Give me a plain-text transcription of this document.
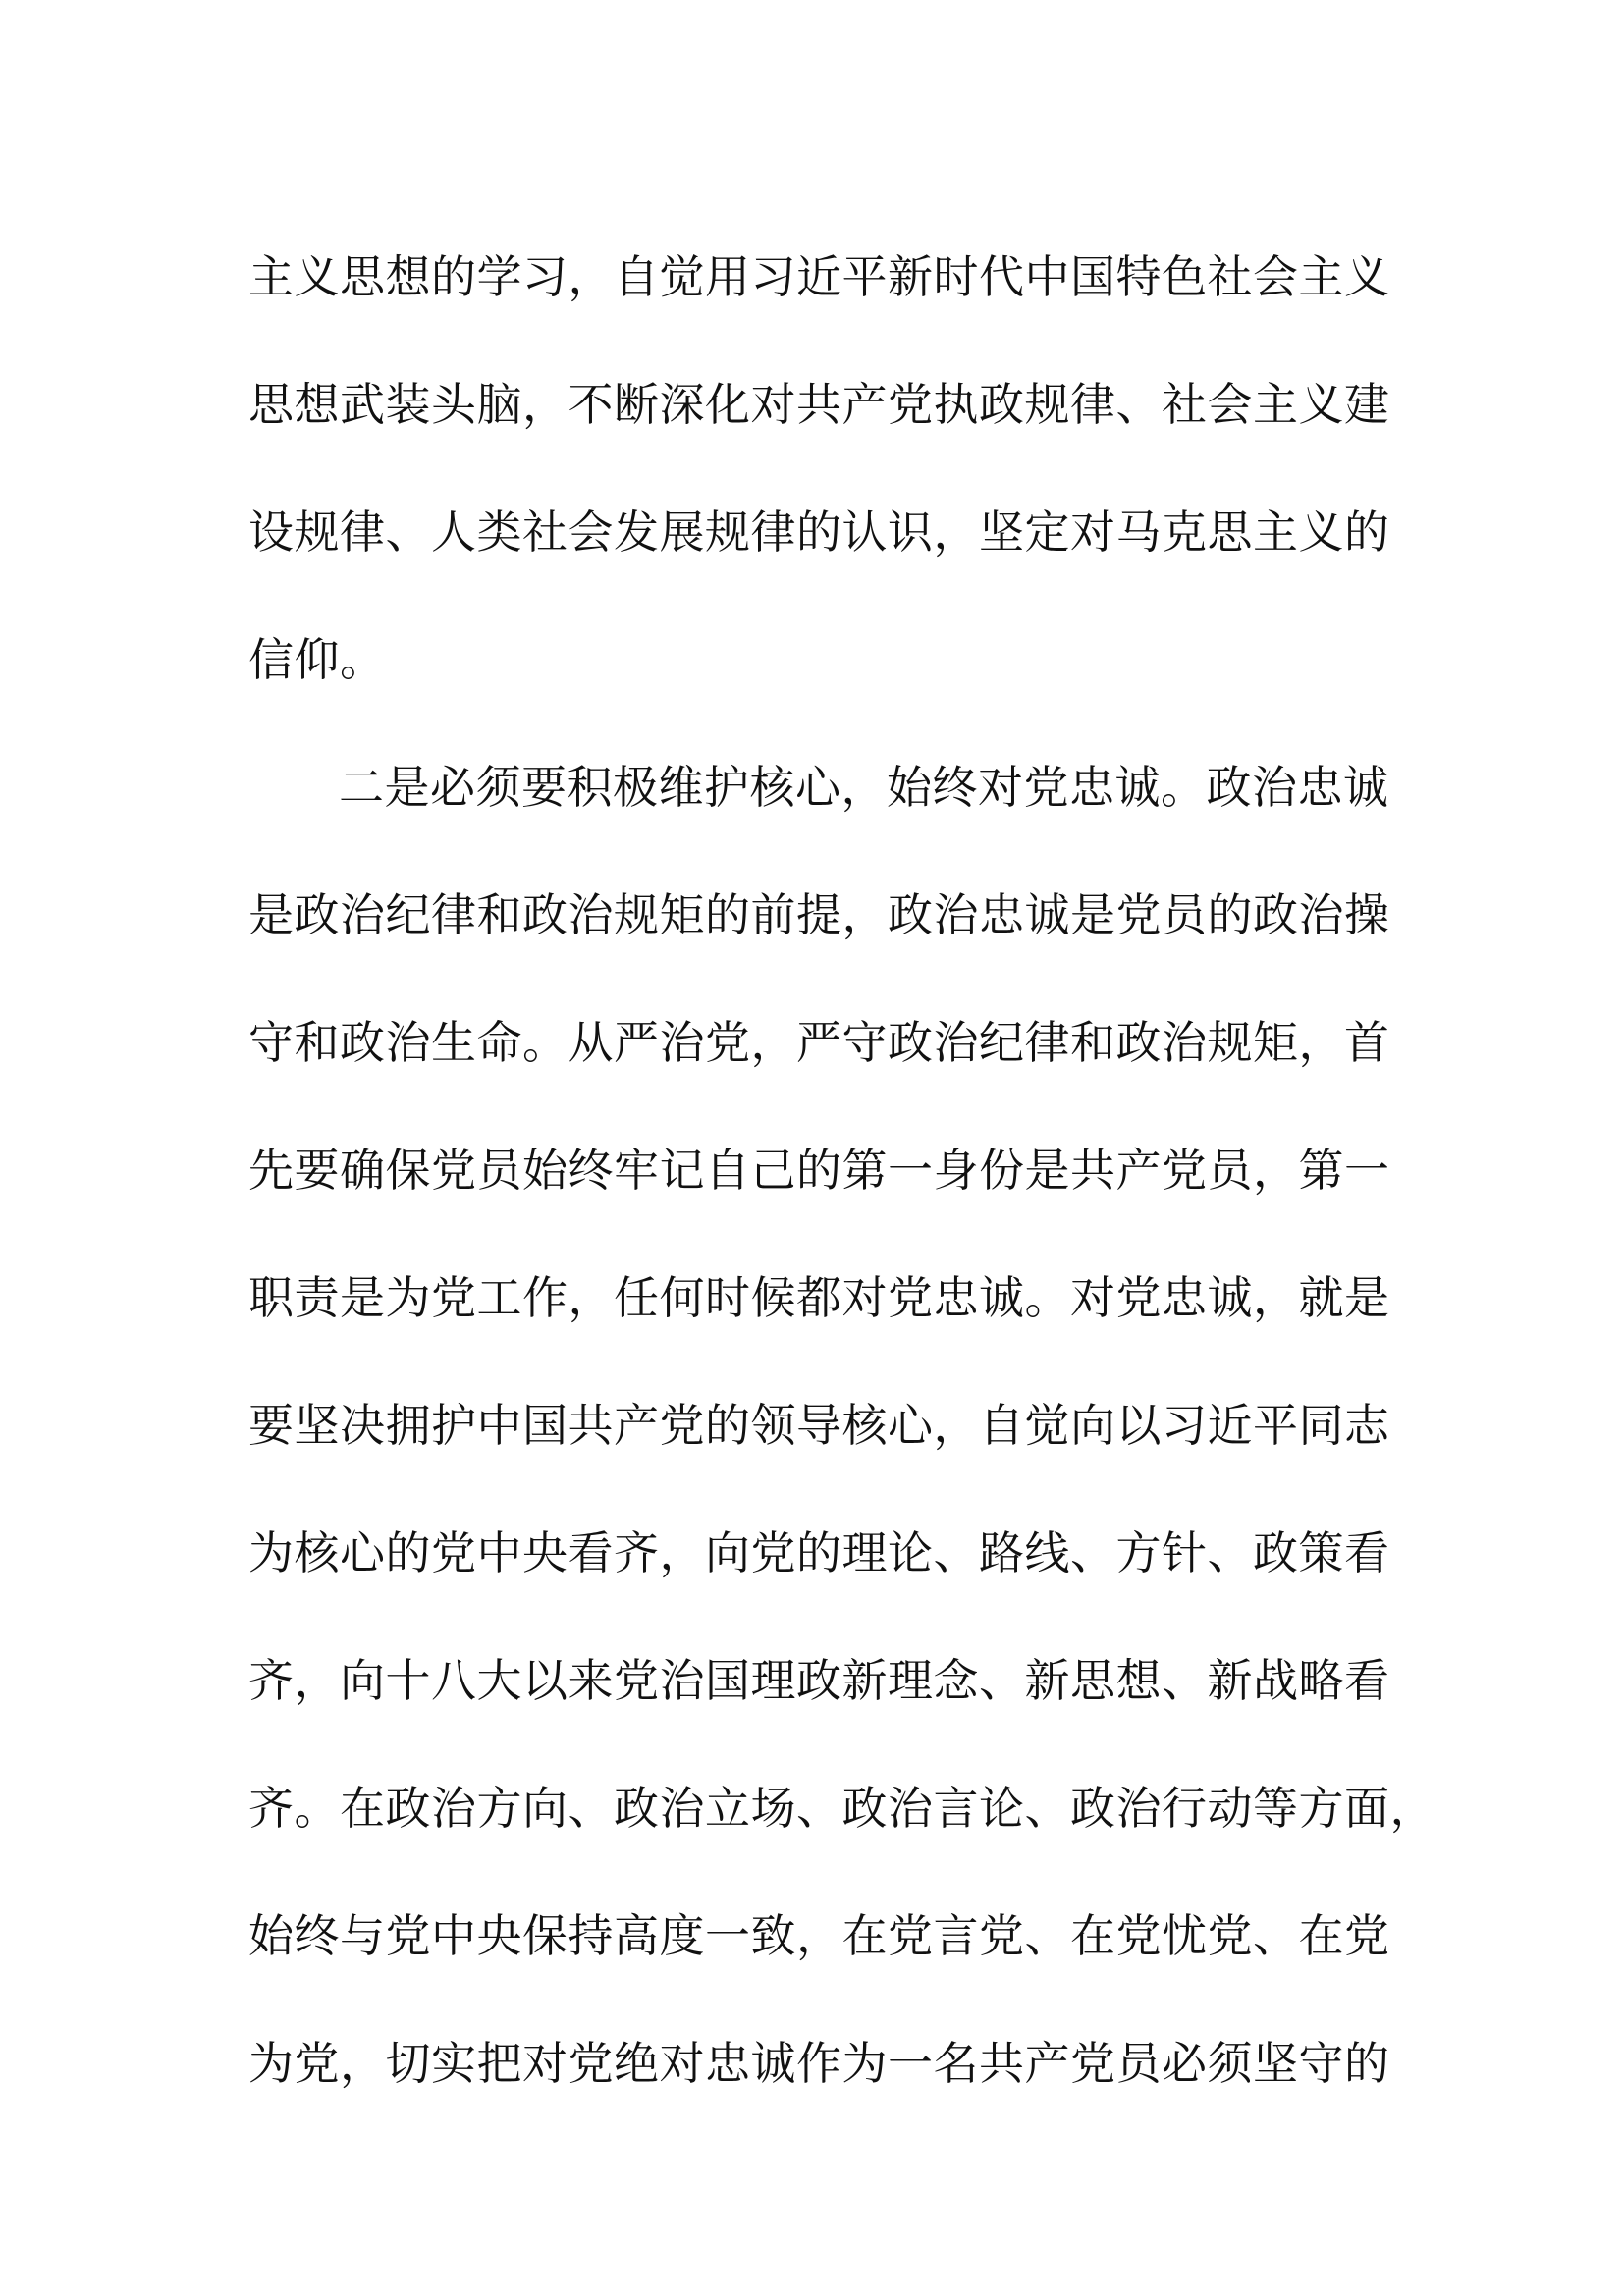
主义思想的学习，自觉用习近平新时代中国特色社会主义
思想武装头脑，不断深化对共产党执政规律、社会主义建
设规律、人类社会发展规律的认识，坚定对马克思主义的
信仰。
二是必须要积极维护核心，始终对党忠诚。政治忠诚
是政治纪律和政治规矩的前提，政治忠诚是党员的政治操
守和政治生命。从严治党，严守政治纪律和政治规矩，首
先要确保党员始终牢记自己的第一身份是共产党员，第一
职责是为党工作，任何时候都对党忠诚。对党忠诚，就是
要坚决拥护中国共产党的领导核心，自觉向以习近平同志
为核心的党中央看齐，向党的理论、路线、方针、政策看
齐，向十八大以来党治国理政新理念、新思想、新战略看
齐。在政治方向、政治立场、政治言论、政治行动等方面，
始终与党中央保持高度一致，在党言党、在党忧党、在党
为党，切实把对党绝对忠诚作为一名共产党员必须坚守的
